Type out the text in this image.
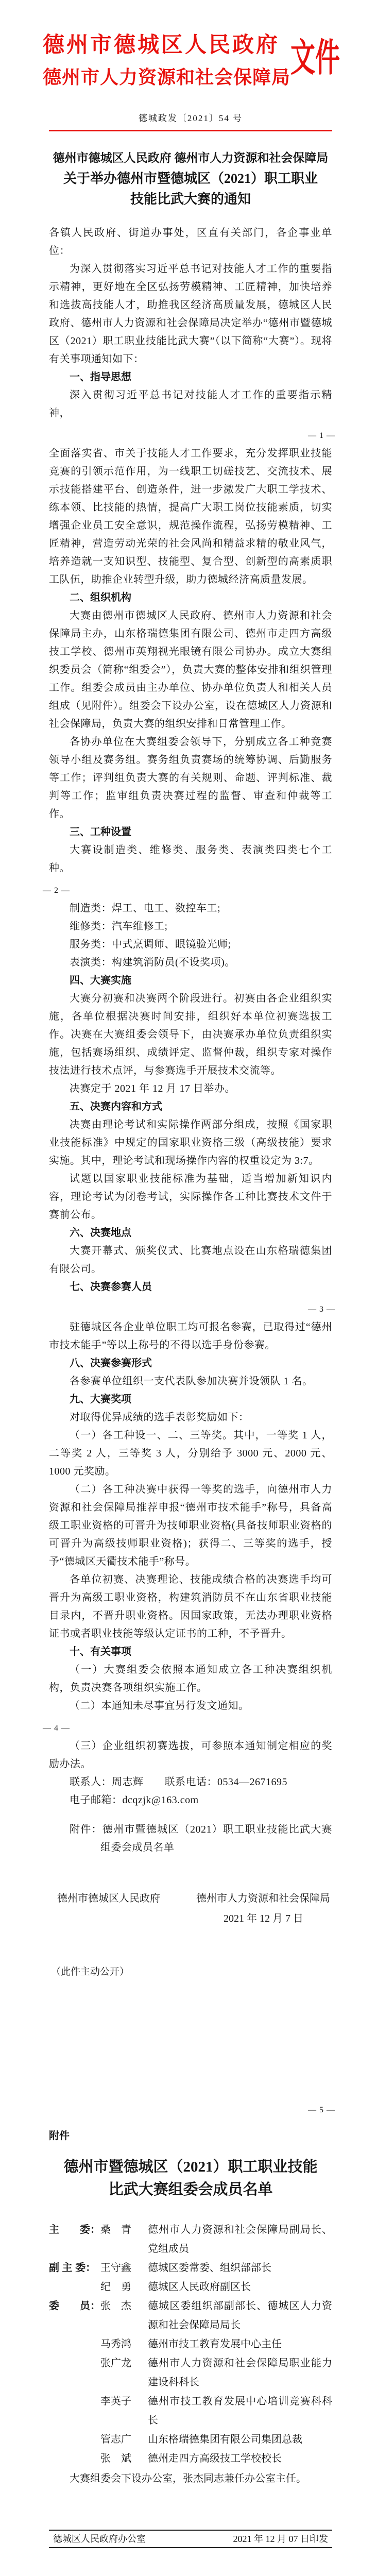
德州市德城区人民政府
德州市人力资源和社会保障局 文件
德城政发〔2021〕54 号
德州市德城区人民政府 德州市人力资源和社会保障局
关于举办德州市暨德城区（2021）职工职业
技能比武大赛的通知
各镇人民政府、街道办事处，区直有关部门，各企事业单位：
为深入贯彻落实习近平总书记对技能人才工作的重要指示精神，更好地在全区弘扬劳模精神、工匠精神，加快培养和选拔高技能人才，助推我区经济高质量发展，德城区人民政府、德州市人力资源和社会保障局决定举办“德州市暨德城区（2021）职工职业技能比武大赛”（以下简称“大赛”）。现将有关事项通知如下：
一、指导思想
深入贯彻习近平总书记对技能人才工作的重要指示精神，
— 1 —
全面落实省、市关于技能人才工作要求，充分发挥职业技能竞赛的引领示范作用，为一线职工切磋技艺、交流技术、展示技能搭建平台、创造条件，进一步激发广大职工学技术、练本领、比技能的热情，提高广大职工岗位技能素质，切实增强企业员工安全意识，规范操作流程，弘扬劳模精神、工匠精神，营造劳动光荣的社会风尚和精益求精的敬业风气，培养造就一支知识型、技能型、复合型、创新型的高素质职工队伍，助推企业转型升级，助力德城经济高质量发展。
二、组织机构
大赛由德州市德城区人民政府、德州市人力资源和社会保障局主办，山东格瑞德集团有限公司、德州市走四方高级技工学校、德州市英翔视光眼镜有限公司协办。成立大赛组织委员会（简称“组委会”），负责大赛的整体安排和组织管理工作。组委会成员由主办单位、协办单位负责人和相关人员组成（见附件）。组委会下设办公室，设在德城区人力资源和社会保障局，负责大赛的组织安排和日常管理工作。
各协办单位在大赛组委会领导下，分别成立各工种竞赛领导小组及赛务组。赛务组负责赛场的统筹协调、后勤服务等工作；评判组负责大赛的有关规则、命题、评判标准、裁判等工作；监审组负责决赛过程的监督、审查和仲裁等工作。
三、工种设置
大赛设制造类、维修类、服务类、表演类四类七个工种。
— 2 —
制造类：焊工、电工、数控车工;
维修类：汽车维修工;
服务类：中式烹调师、眼镜验光师;
表演类：构建筑消防员(不设奖项)。
四、大赛实施
大赛分初赛和决赛两个阶段进行。初赛由各企业组织实施，各单位根据决赛时间安排，组织好本单位初赛选拔工作。决赛在大赛组委会领导下，由决赛承办单位负责组织实施，包括赛场组织、成绩评定、监督仲裁，组织专家对操作技法进行技术点评，与参赛选手开展技术交流等。
决赛定于 2021 年 12 月 17 日举办。
五、决赛内容和方式
决赛由理论考试和实际操作两部分组成，按照《国家职业技能标准》中规定的国家职业资格三级（高级技能）要求实施。其中，理论考试和现场操作内容的权重设定为 3:7。
试题以国家职业技能标准为基础，适当增加新知识内容，理论考试为闭卷考试，实际操作各工种比赛技术文件于赛前公布。
六、决赛地点
大赛开幕式、颁奖仪式、比赛地点设在山东格瑞德集团有限公司。
七、决赛参赛人员
— 3 —
驻德城区各企业单位职工均可报名参赛，已取得过“德州市技术能手”等以上称号的不得以选手身份参赛。
八、决赛参赛形式
各参赛单位组织一支代表队参加决赛并设领队 1 名。
九、大赛奖项
对取得优异成绩的选手表彰奖励如下：
（一）各工种设一、二、三等奖。其中，一等奖 1 人，二等奖 2 人，三等奖 3 人，分别给予 3000 元、2000 元、1000 元奖励。
（二）各工种决赛中获得一等奖的选手，向德州市人力资源和社会保障局推荐申报“德州市技术能手”称号，具备高级工职业资格的可晋升为技师职业资格(具备技师职业资格的可晋升为高级技师职业资格)；获得二、三等奖的选手，授予“德城区天衢技术能手”称号。
各单位初赛、决赛理论、技能成绩合格的决赛选手均可晋升为高级工职业资格，构建筑消防员不在山东省职业技能目录内，不晋升职业资格。因国家政策，无法办理职业资格证书或者职业技能等级认定证书的工种，不予晋升。
十、有关事项
（一）大赛组委会依照本通知成立各工种决赛组织机构，负责决赛各项组织实施工作。
（二）本通知未尽事宜另行发文通知。
— 4 —
（三）企业组织初赛选拔，可参照本通知制定相应的奖励办法。
联系人：周志辉　　联系电话：0534—2671695
电子邮箱：dcqzjk@163.com
附件：德州市暨德城区（2021）职工职业技能比武大赛组委会成员名单
德州市德城区人民政府	德州市人力资源和社会保障局
2021 年 12 月 7 日
（此件主动公开）
— 5 —
附件
德州市暨德城区（2021）职工职业技能
比武大赛组委会成员名单
主　　委： 桑　青	德州市人力资源和社会保障局副局长、党组成员
副 主 委： 王守鑫	德城区委常委、组织部部长
纪　勇	德城区人民政府副区长
委　　员： 张　杰	德城区委组织部副部长、德城区人力资源和社会保障局局长
马秀鸿	德州市技工教育发展中心主任
张广龙	德州市人力资源和社会保障局职业能力建设科科长
李英子	德州市技工教育发展中心培训竞赛科科长
管志广	山东格瑞德集团有限公司集团总裁
张　斌	德州走四方高级技工学校校长
大赛组委会下设办公室，张杰同志兼任办公室主任。
德城区人民政府办公室	2021 年 12 月 07 日印发
